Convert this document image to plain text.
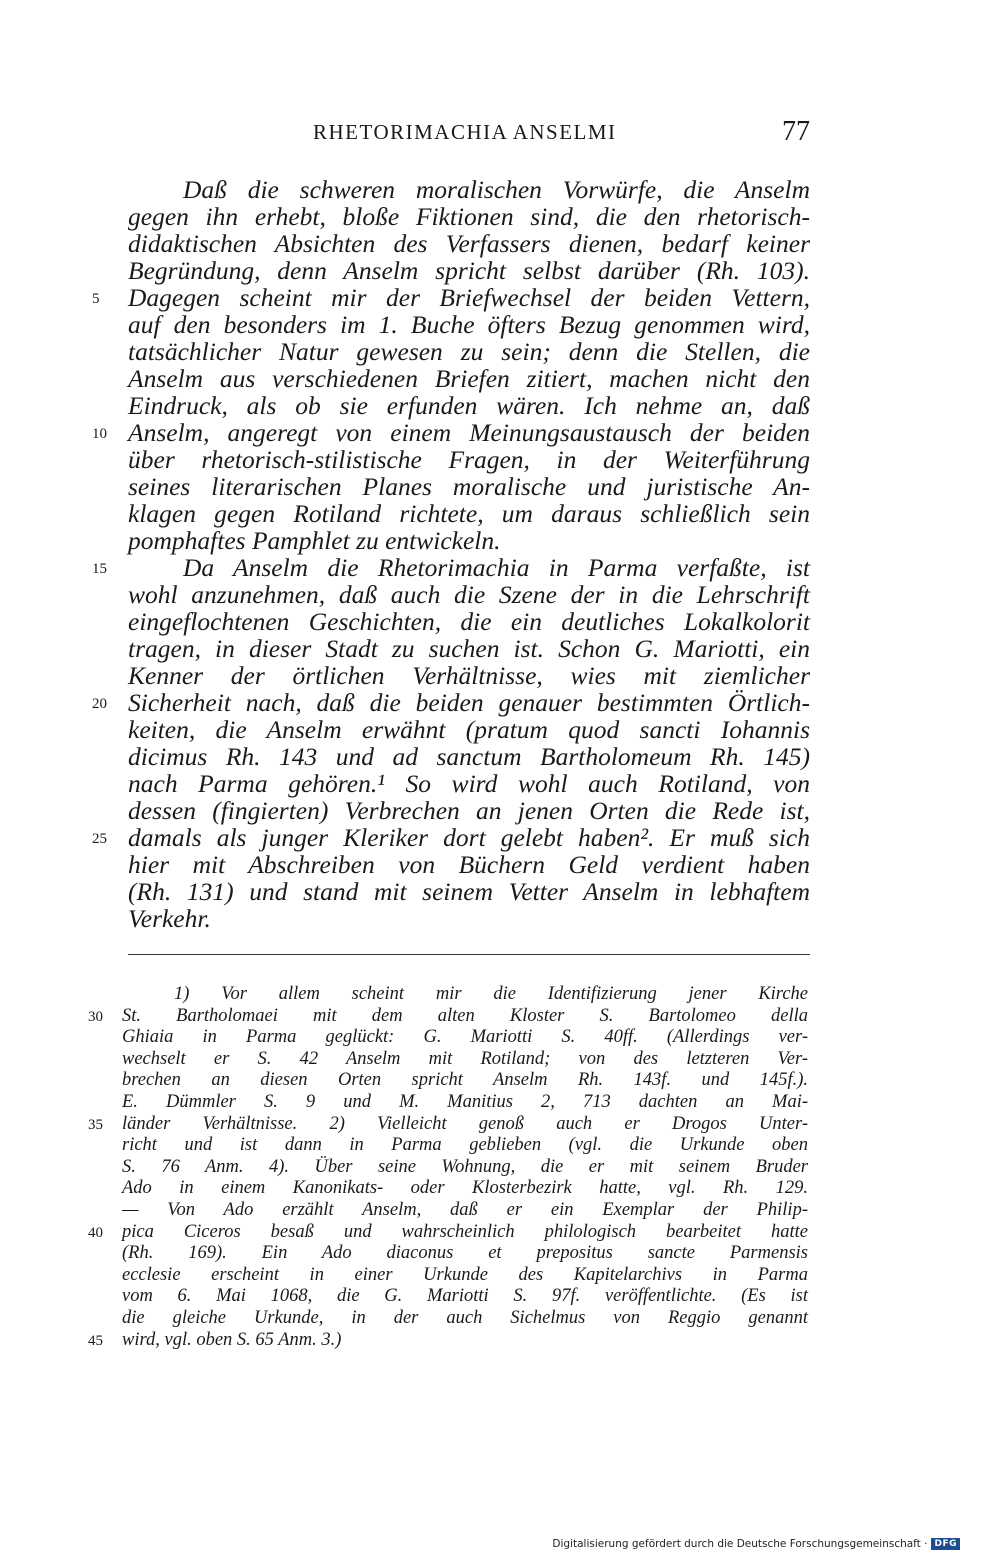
RHETORIMACHIA ANSELMI	77
Daß die schweren moralischen Vorwürfe, die Anselm
gegen ihn erhebt, bloße Fiktionen sind, die den rhetorisch-
didaktischen Absichten des Verfassers dienen, bedarf keiner
Begründung, denn Anselm spricht selbst darüber (Rh. 103).
5	Dagegen scheint mir der Briefwechsel der beiden Vettern,
auf den besonders im 1. Buche öfters Bezug genommen wird,
tatsächlicher Natur gewesen zu sein; denn die Stellen, die
Anselm aus verschiedenen Briefen zitiert, machen nicht den
Eindruck, als ob sie erfunden wären. Ich nehme an, daß
10 Anselm, angeregt von einem Meinungsaustausch der beiden
über rhetorisch-stilistische Fragen, in der Weiterführung
seines literarischen Planes moralische und juristische An-
klagen gegen Rotiland richtete, um daraus schließlich sein
pomphaftes Pamphlet zu entwickeln.
15	Da Anselm die Rhetorimachia in Parma verfaßte, ist
wohl anzunehmen, daß auch die Szene der in die Lehrschrift
eingeflochtenen Geschichten, die ein deutliches Lokalkolorit
tragen, in dieser Stadt zu suchen ist. Schon G. Mariotti, ein
Kenner der örtlichen Verhältnisse, wies mit ziemlicher
20 Sicherheit nach, daß die beiden genauer bestimmten Örtlich-
keiten, die Anselm erwähnt (pratum quod sancti Iohannis
dicimus Rh. 143 und ad sanctum Bartholomeum Rh. 145)
nach Parma gehören.¹ So wird wohl auch Rotiland, von
dessen (fingierten) Verbrechen an jenen Orten die Rede ist,
25 damals als junger Kleriker dort gelebt haben². Er muß sich
hier mit Abschreiben von Büchern Geld verdient haben
(Rh. 131) und stand mit seinem Vetter Anselm in lebhaftem
Verkehr.
1) Vor allem scheint mir die Identifizierung jener Kirche
30 St. Bartholomaei mit dem alten Kloster S. Bartolomeo della
Ghiaia in Parma geglückt: G. Mariotti S. 40ff. (Allerdings ver-
wechselt er S. 42 Anselm mit Rotiland; von des letzteren Ver-
brechen an diesen Orten spricht Anselm Rh. 143f. und 145f.).
E. Dümmler S. 9 und M. Manitius 2, 713 dachten an Mai-
35 länder Verhältnisse. 2) Vielleicht genoß auch er Drogos Unter-
richt und ist dann in Parma geblieben (vgl. die Urkunde oben
S. 76 Anm. 4). Über seine Wohnung, die er mit seinem Bruder
Ado in einem Kanonikats- oder Klosterbezirk hatte, vgl. Rh. 129.
— Von Ado erzählt Anselm, daß er ein Exemplar der Philip-
40 pica Ciceros besaß und wahrscheinlich philologisch bearbeitet hatte
(Rh. 169). Ein Ado diaconus et prepositus sancte Parmensis
ecclesie erscheint in einer Urkunde des Kapitelarchivs in Parma
vom 6. Mai 1068, die G. Mariotti S. 97f. veröffentlichte. (Es ist
die gleiche Urkunde, in der auch Sichelmus von Reggio genannt
45 wird, vgl. oben S. 65 Anm. 3.)
Digitalisierung gefördert durch die Deutsche Forschungsgemeinschaft · DFG
